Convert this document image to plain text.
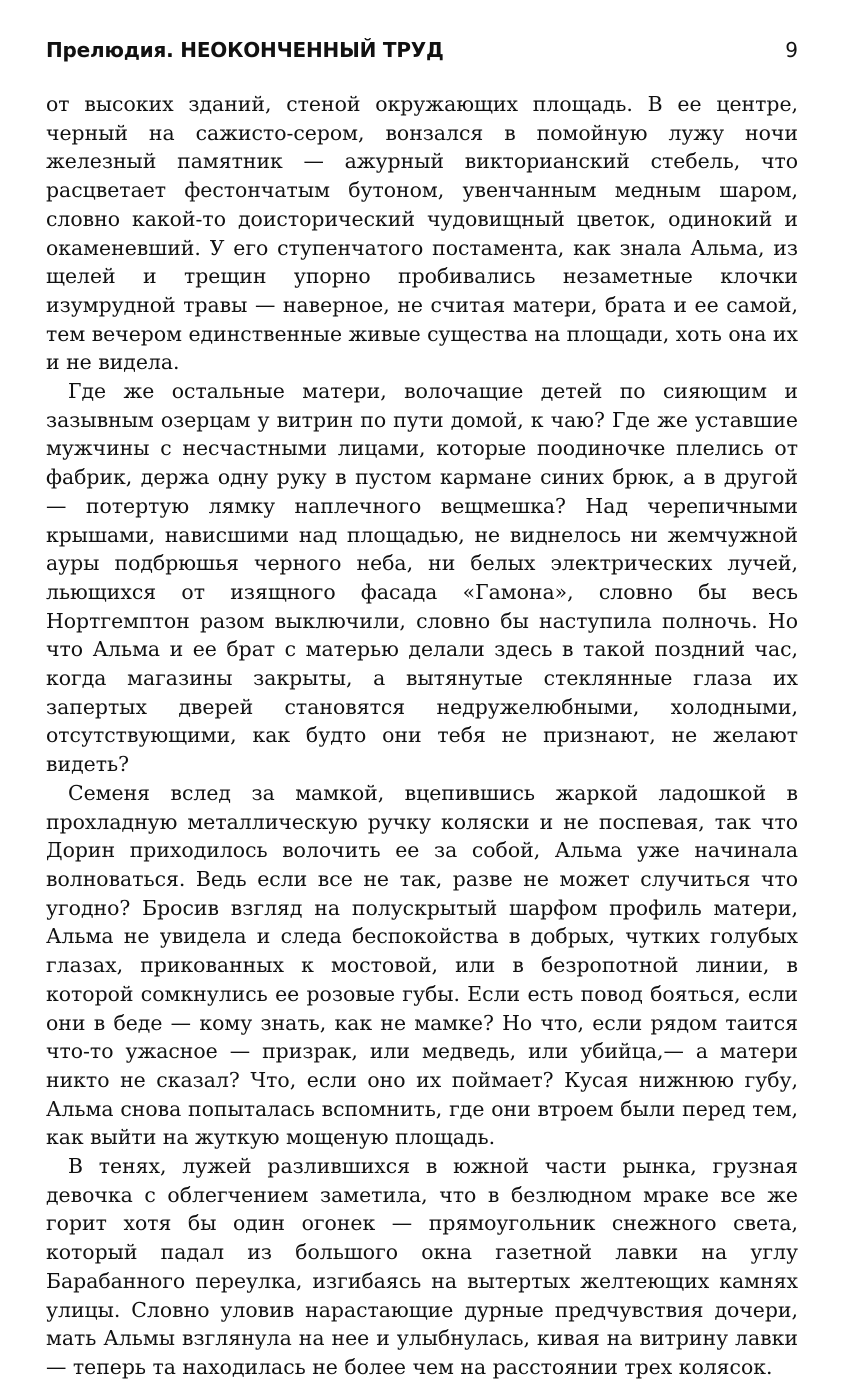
Прелюдия. НЕОКОНЧЕННЫЙ ТРУД	9

от высоких зданий, стеной окружающих площадь. В ее центре, черный на сажисто-сером, вонзался в помойную лужу ночи железный памятник — ажурный викторианский стебель, что расцветает фестончатым бутоном, увенчанным медным шаром, словно какой-то доисторический чудовищный цветок, одинокий и окаменевший. У его ступенчатого постамента, как знала Альма, из щелей и трещин упорно пробивались незаметные клочки изумрудной травы — наверное, не считая матери, брата и ее самой, тем вечером единственные живые существа на площади, хоть она их и не видела.

Где же остальные матери, волочащие детей по сияющим и зазывным озерцам у витрин по пути домой, к чаю? Где же уставшие мужчины с несчастными лицами, которые поодиночке плелись от фабрик, держа одну руку в пустом кармане синих брюк, а в другой — потертую лямку наплечного вещмешка? Над черепичными крышами, нависшими над площадью, не виднелось ни жемчужной ауры подбрюшья черного неба, ни белых электрических лучей, льющихся от изящного фасада «Гамона», словно бы весь Нортгемптон разом выключили, словно бы наступила полночь. Но что Альма и ее брат с матерью делали здесь в такой поздний час, когда магазины закрыты, а вытянутые стеклянные глаза их запертых дверей становятся недружелюбными, холодными, отсутствующими, как будто они тебя не признают, не желают видеть?

Семеня вслед за мамкой, вцепившись жаркой ладошкой в прохладную металлическую ручку коляски и не поспевая, так что Дорин приходилось волочить ее за собой, Альма уже начинала волноваться. Ведь если все не так, разве не может случиться что угодно? Бросив взгляд на полускрытый шарфом профиль матери, Альма не увидела и следа беспокойства в добрых, чутких голубых глазах, прикованных к мостовой, или в безропотной линии, в которой сомкнулись ее розовые губы. Если есть повод бояться, если они в беде — кому знать, как не мамке? Но что, если рядом таится что-то ужасное — призрак, или медведь, или убийца,— а матери никто не сказал? Что, если оно их поймает? Кусая нижнюю губу, Альма снова попыталась вспомнить, где они втроем были перед тем, как выйти на жуткую мощеную площадь.

В тенях, лужей разлившихся в южной части рынка, грузная девочка с облегчением заметила, что в безлюдном мраке все же горит хотя бы один огонек — прямоугольник снежного света, который падал из большого окна газетной лавки на углу Барабанного переулка, изгибаясь на вытертых желтеющих камнях улицы. Словно уловив нарастающие дурные предчувствия дочери, мать Альмы взглянула на нее и улыбнулась, кивая на витрину лавки — теперь та находилась не более чем на расстоянии трех колясок.
